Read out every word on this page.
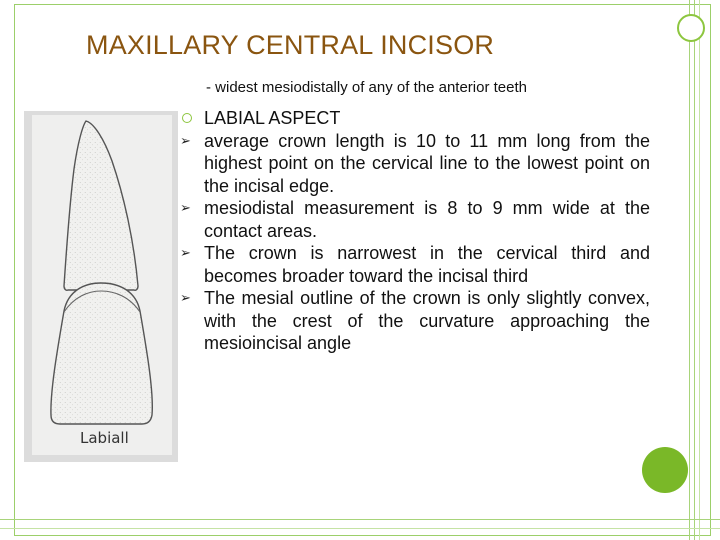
MAXILLARY CENTRAL INCISOR
- widest mesiodistally of any of the anterior teeth
Labiall
LABIAL ASPECT
➢ average crown length is 10 to 11 mm long from the highest point on the cervical line to the lowest point on the incisal edge.
➢ mesiodistal measurement is 8 to 9 mm wide at the contact areas.
➢ The crown is narrowest in the cervical third and becomes broader toward the incisal third
➢ The mesial outline of the crown is only slightly convex, with the crest of the curvature approaching the mesioincisal angle
